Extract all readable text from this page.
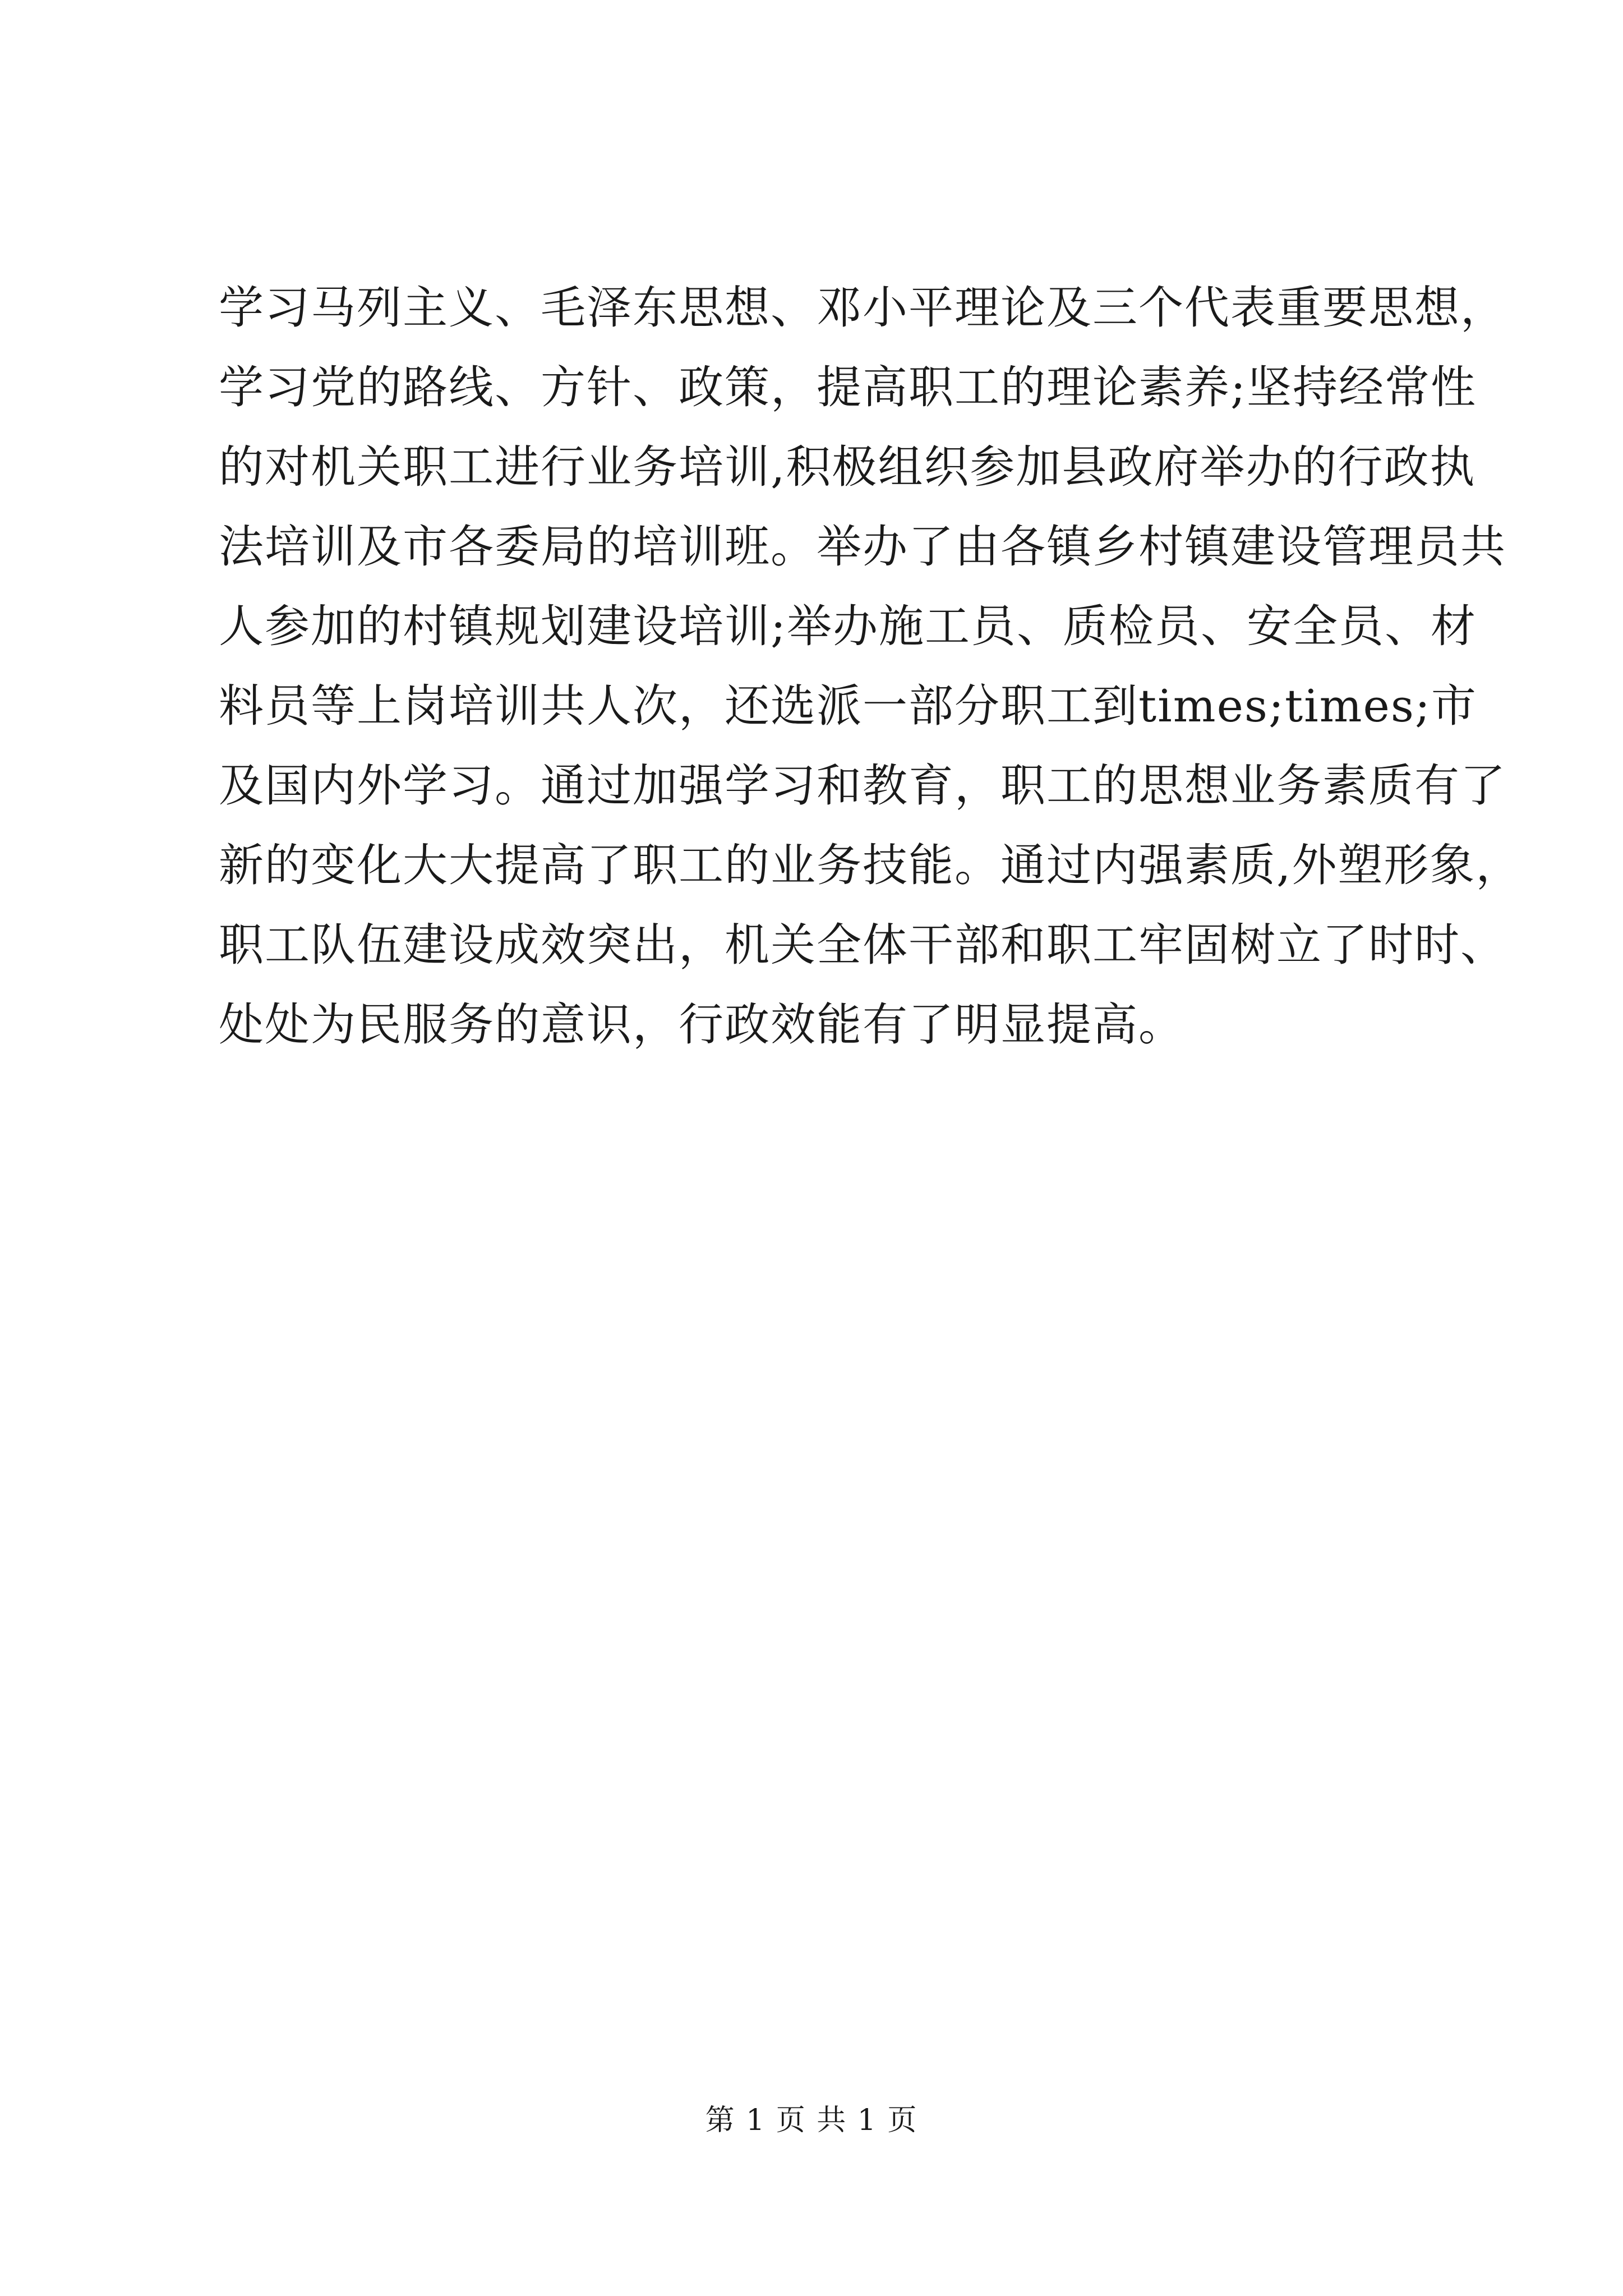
学习马列主义、毛泽东思想、邓小平理论及三个代表重要思想，
学习党的路线、方针、政策，提高职工的理论素养;坚持经常性
的对机关职工进行业务培训,积极组织参加县政府举办的行政执
法培训及市各委局的培训班。举办了由各镇乡村镇建设管理员共
人参加的村镇规划建设培训;举办施工员、质检员、安全员、材
料员等上岗培训共人次，还选派一部分职工到times;times;市
及国内外学习。通过加强学习和教育，职工的思想业务素质有了
新的变化大大提高了职工的业务技能。通过内强素质,外塑形象，
职工队伍建设成效突出，机关全体干部和职工牢固树立了时时、
处处为民服务的意识，行政效能有了明显提高。
第 1 页 共 1 页
